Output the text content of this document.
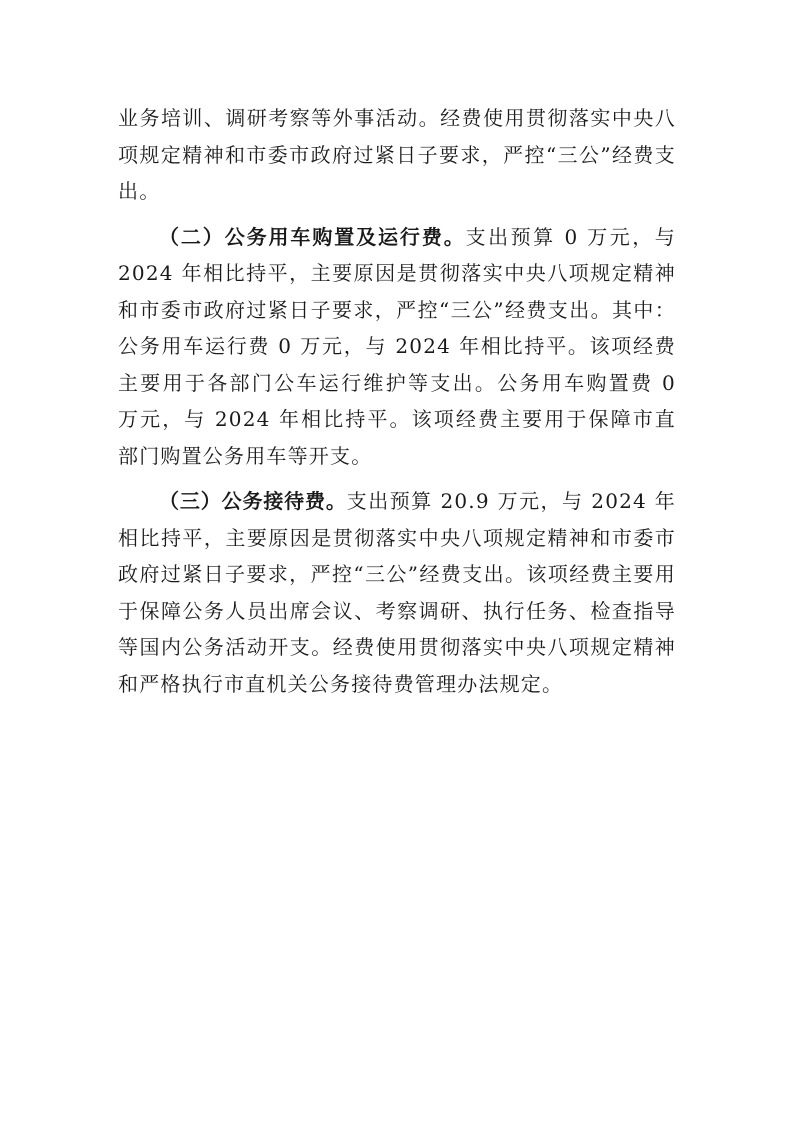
业务培训、调研考察等外事活动。经费使用贯彻落实中央八项规定精神和市委市政府过紧日子要求，严控“三公”经费支出。

（二）公务用车购置及运行费。支出预算 0 万元，与 2024 年相比持平，主要原因是贯彻落实中央八项规定精神和市委市政府过紧日子要求，严控“三公”经费支出。其中：公务用车运行费 0 万元，与 2024 年相比持平。该项经费主要用于各部门公车运行维护等支出。公务用车购置费 0 万元，与 2024 年相比持平。该项经费主要用于保障市直部门购置公务用车等开支。

（三）公务接待费。支出预算 20.9 万元，与 2024 年相比持平，主要原因是贯彻落实中央八项规定精神和市委市政府过紧日子要求，严控“三公”经费支出。该项经费主要用于保障公务人员出席会议、考察调研、执行任务、检查指导等国内公务活动开支。经费使用贯彻落实中央八项规定精神和严格执行市直机关公务接待费管理办法规定。
